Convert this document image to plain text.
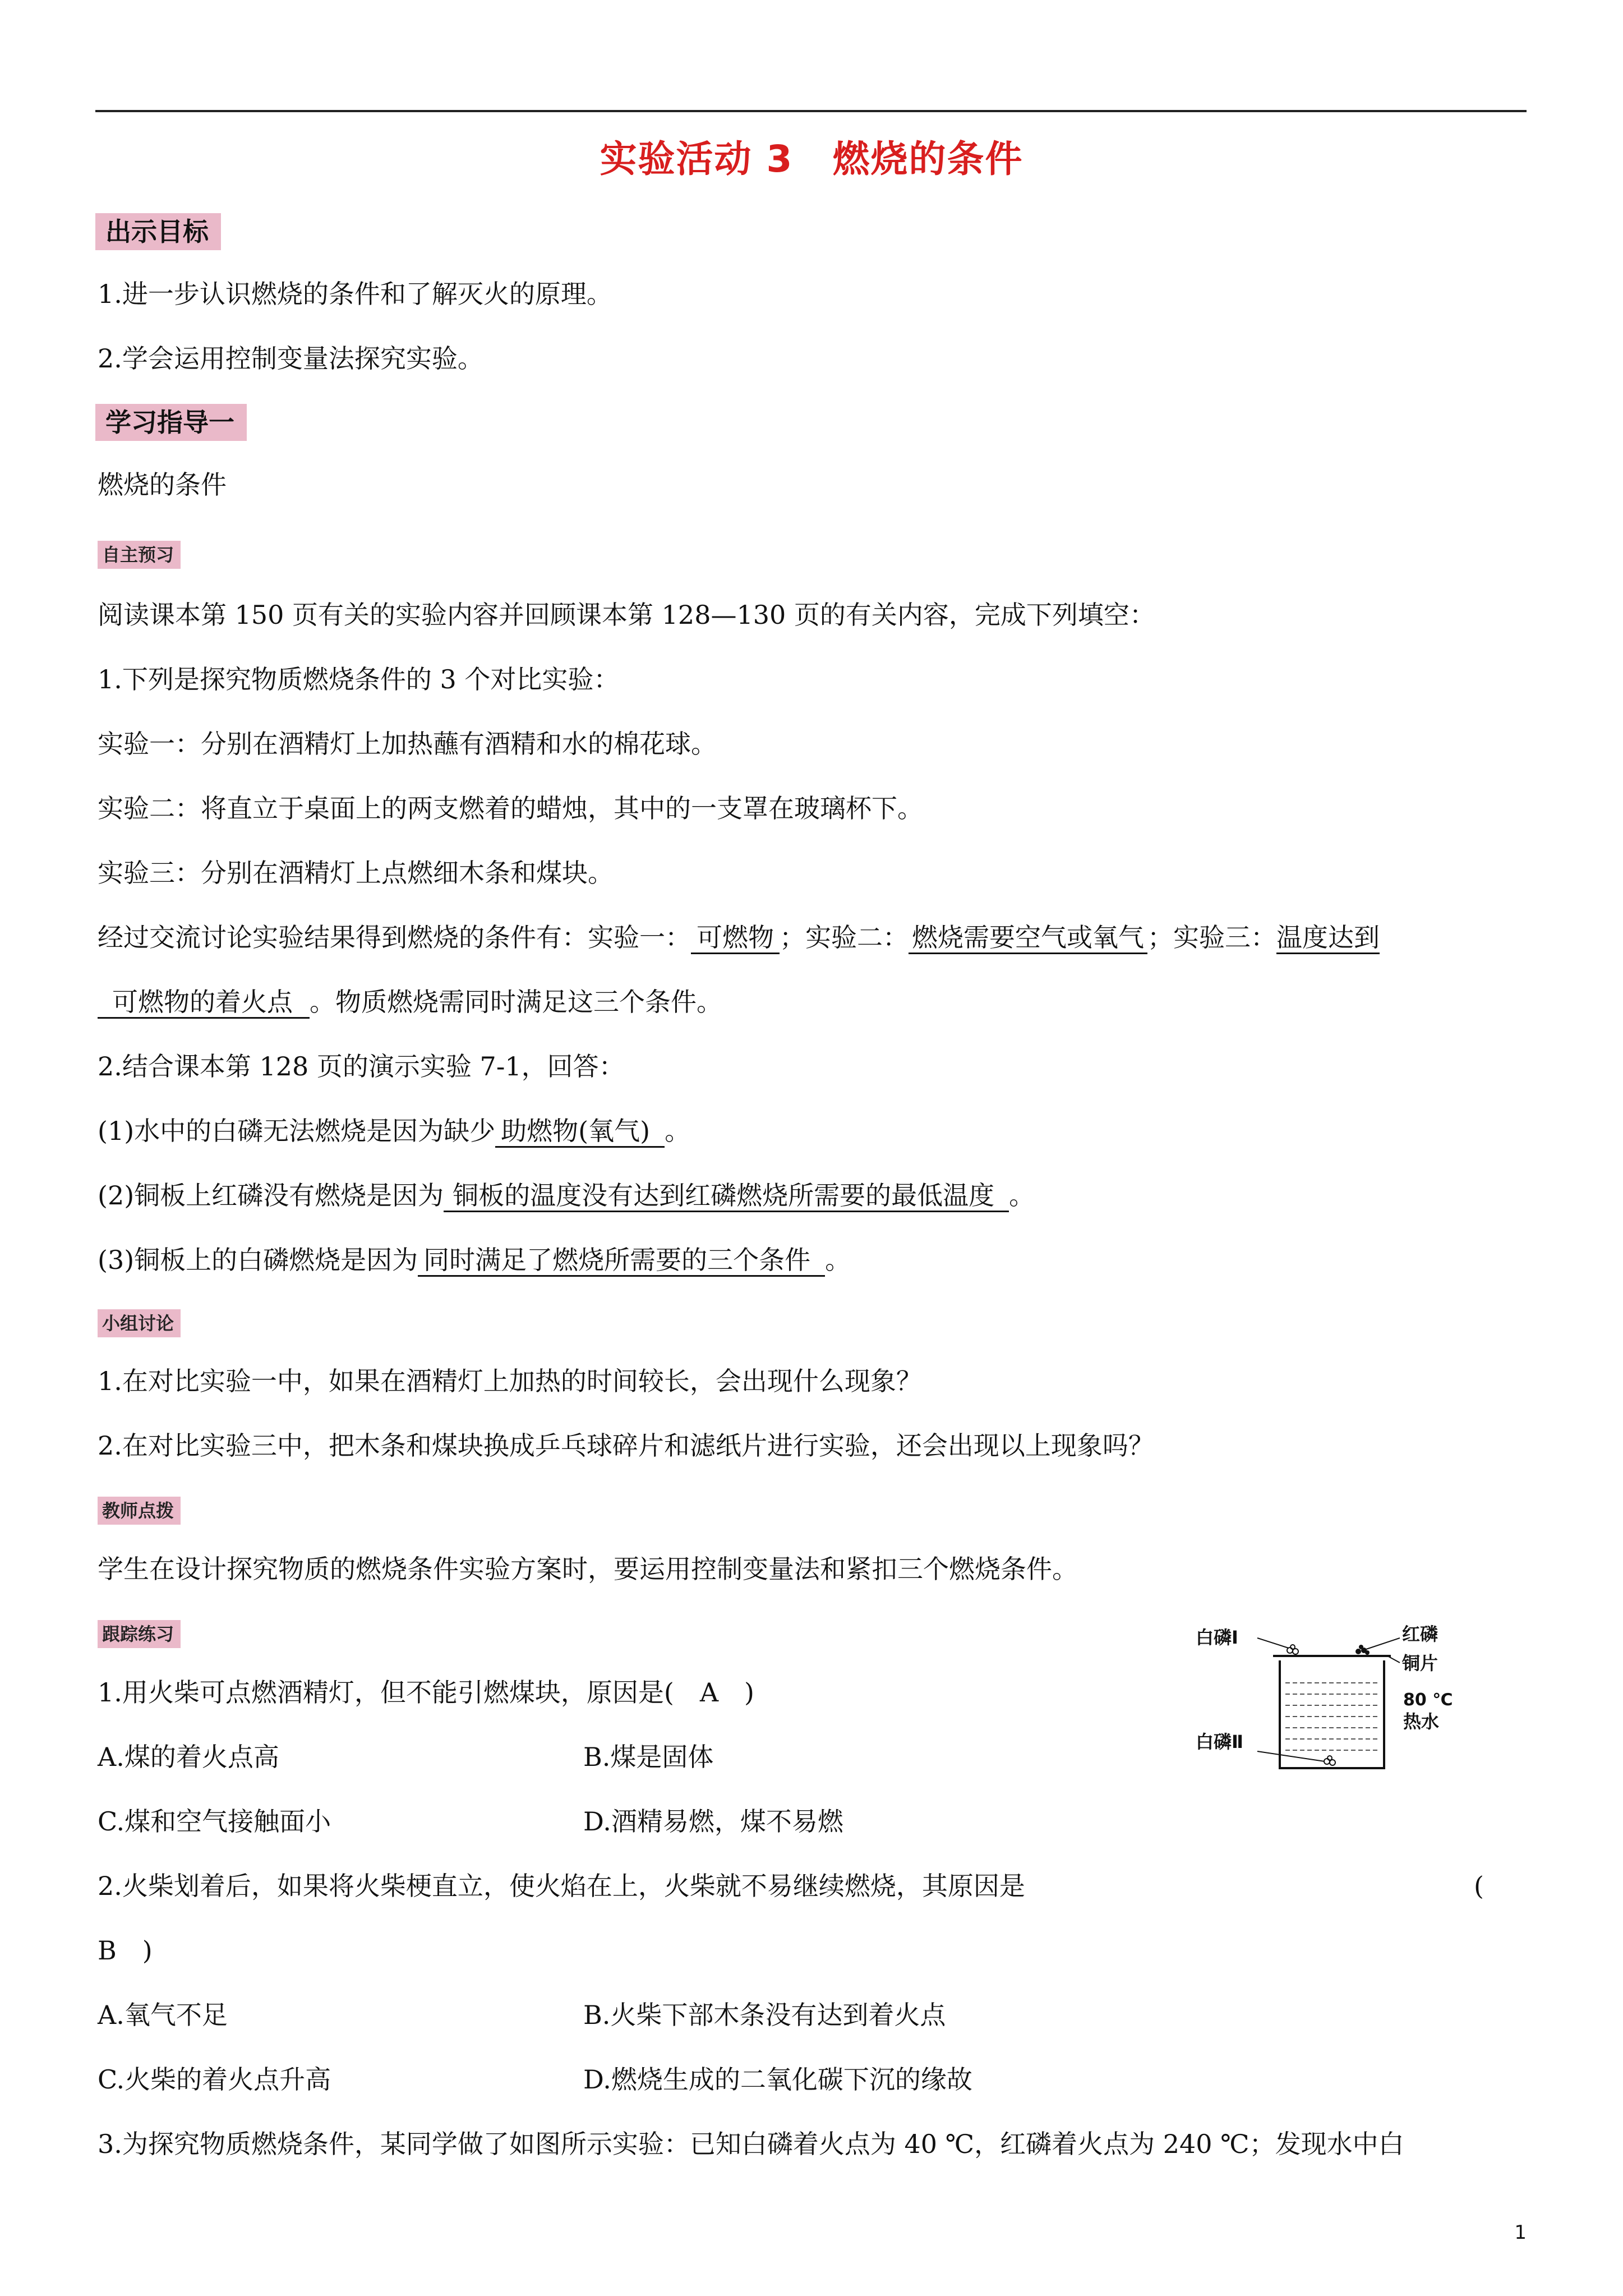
实验活动 3 燃烧的条件
出示目标
1.进一步认识燃烧的条件和了解灭火的原理。
2.学会运用控制变量法探究实验。
学习指导一
燃烧的条件
自主预习
阅读课本第 150 页有关的实验内容并回顾课本第 128—130 页的有关内容，完成下列填空：
1.下列是探究物质燃烧条件的 3 个对比实验：
实验一：分别在酒精灯上加热蘸有酒精和水的棉花球。
实验二：将直立于桌面上的两支燃着的蜡烛，其中的一支罩在玻璃杯下。
实验三：分别在酒精灯上点燃细木条和煤块。
经过交流讨论实验结果得到燃烧的条件有：实验一： 可燃物 ；实验二： 燃烧需要空气或氧气 ；实验三：温度达到
可燃物的着火点 。物质燃烧需同时满足这三个条件。
2.结合课本第 128 页的演示实验 7-1，回答：
(1)水中的白磷无法燃烧是因为缺少 助燃物(氧气) 。
(2)铜板上红磷没有燃烧是因为 铜板的温度没有达到红磷燃烧所需要的最低温度 。
(3)铜板上的白磷燃烧是因为 同时满足了燃烧所需要的三个条件 。
小组讨论
1.在对比实验一中，如果在酒精灯上加热的时间较长，会出现什么现象？
2.在对比实验三中，把木条和煤块换成乒乓球碎片和滤纸片进行实验，还会出现以上现象吗？
教师点拨
学生在设计探究物质的燃烧条件实验方案时，要运用控制变量法和紧扣三个燃烧条件。
跟踪练习
1.用火柴可点燃酒精灯，但不能引燃煤块，原因是(　A　)
A.煤的着火点高	B.煤是固体
C.煤和空气接触面小	D.酒精易燃，煤不易燃
2.火柴划着后，如果将火柴梗直立，使火焰在上，火柴就不易继续燃烧，其原因是	(
B　)
A.氧气不足	B.火柴下部木条没有达到着火点
C.火柴的着火点升高	D.燃烧生成的二氧化碳下沉的缘故
3.为探究物质燃烧条件，某同学做了如图所示实验：已知白磷着火点为 40 ℃，红磷着火点为 240 ℃；发现水中白
白磷Ⅰ	红磷
铜片
80 ℃
热水
白磷Ⅱ
1
